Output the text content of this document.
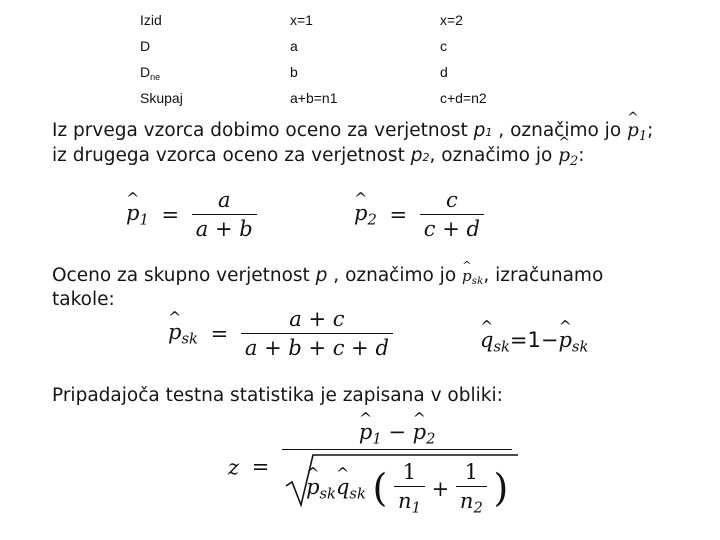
Izid	x=1	x=2
D	a	c
$D_{ne}$	b	d
Skupaj	a+b=n1	c+d=n2
Iz prvega vzorca dobimo oceno za verjetnost p1 , označimo jo p $\^{}_1$;
iz drugega vzorca oceno za verjetnost p2, označimo jo p $\^{}_2$:
p $\^{}_1 = \frac{a}{a + b}$	p $\^{}_2 = \frac{c}{c + d}$
Oceno za skupno verjetnost p , označimo jo p $\^{}_{sk}$, izračunamo
takole:
p $\^{}_{sk} = \frac{a + c}{a + b + c + d}$	q $\^{}_{sk}=1-p$ $\^{}_{sk}$
Pripadajoča testna statistika je zapisana v obliki:
z =
p $\^{}_1 - p$ $\^{}_2$
p $\^{}_{sk}q$ $\^{}_{sk}$ ( $\frac{1}{n_1} + \frac{1}{n_2}$ )
